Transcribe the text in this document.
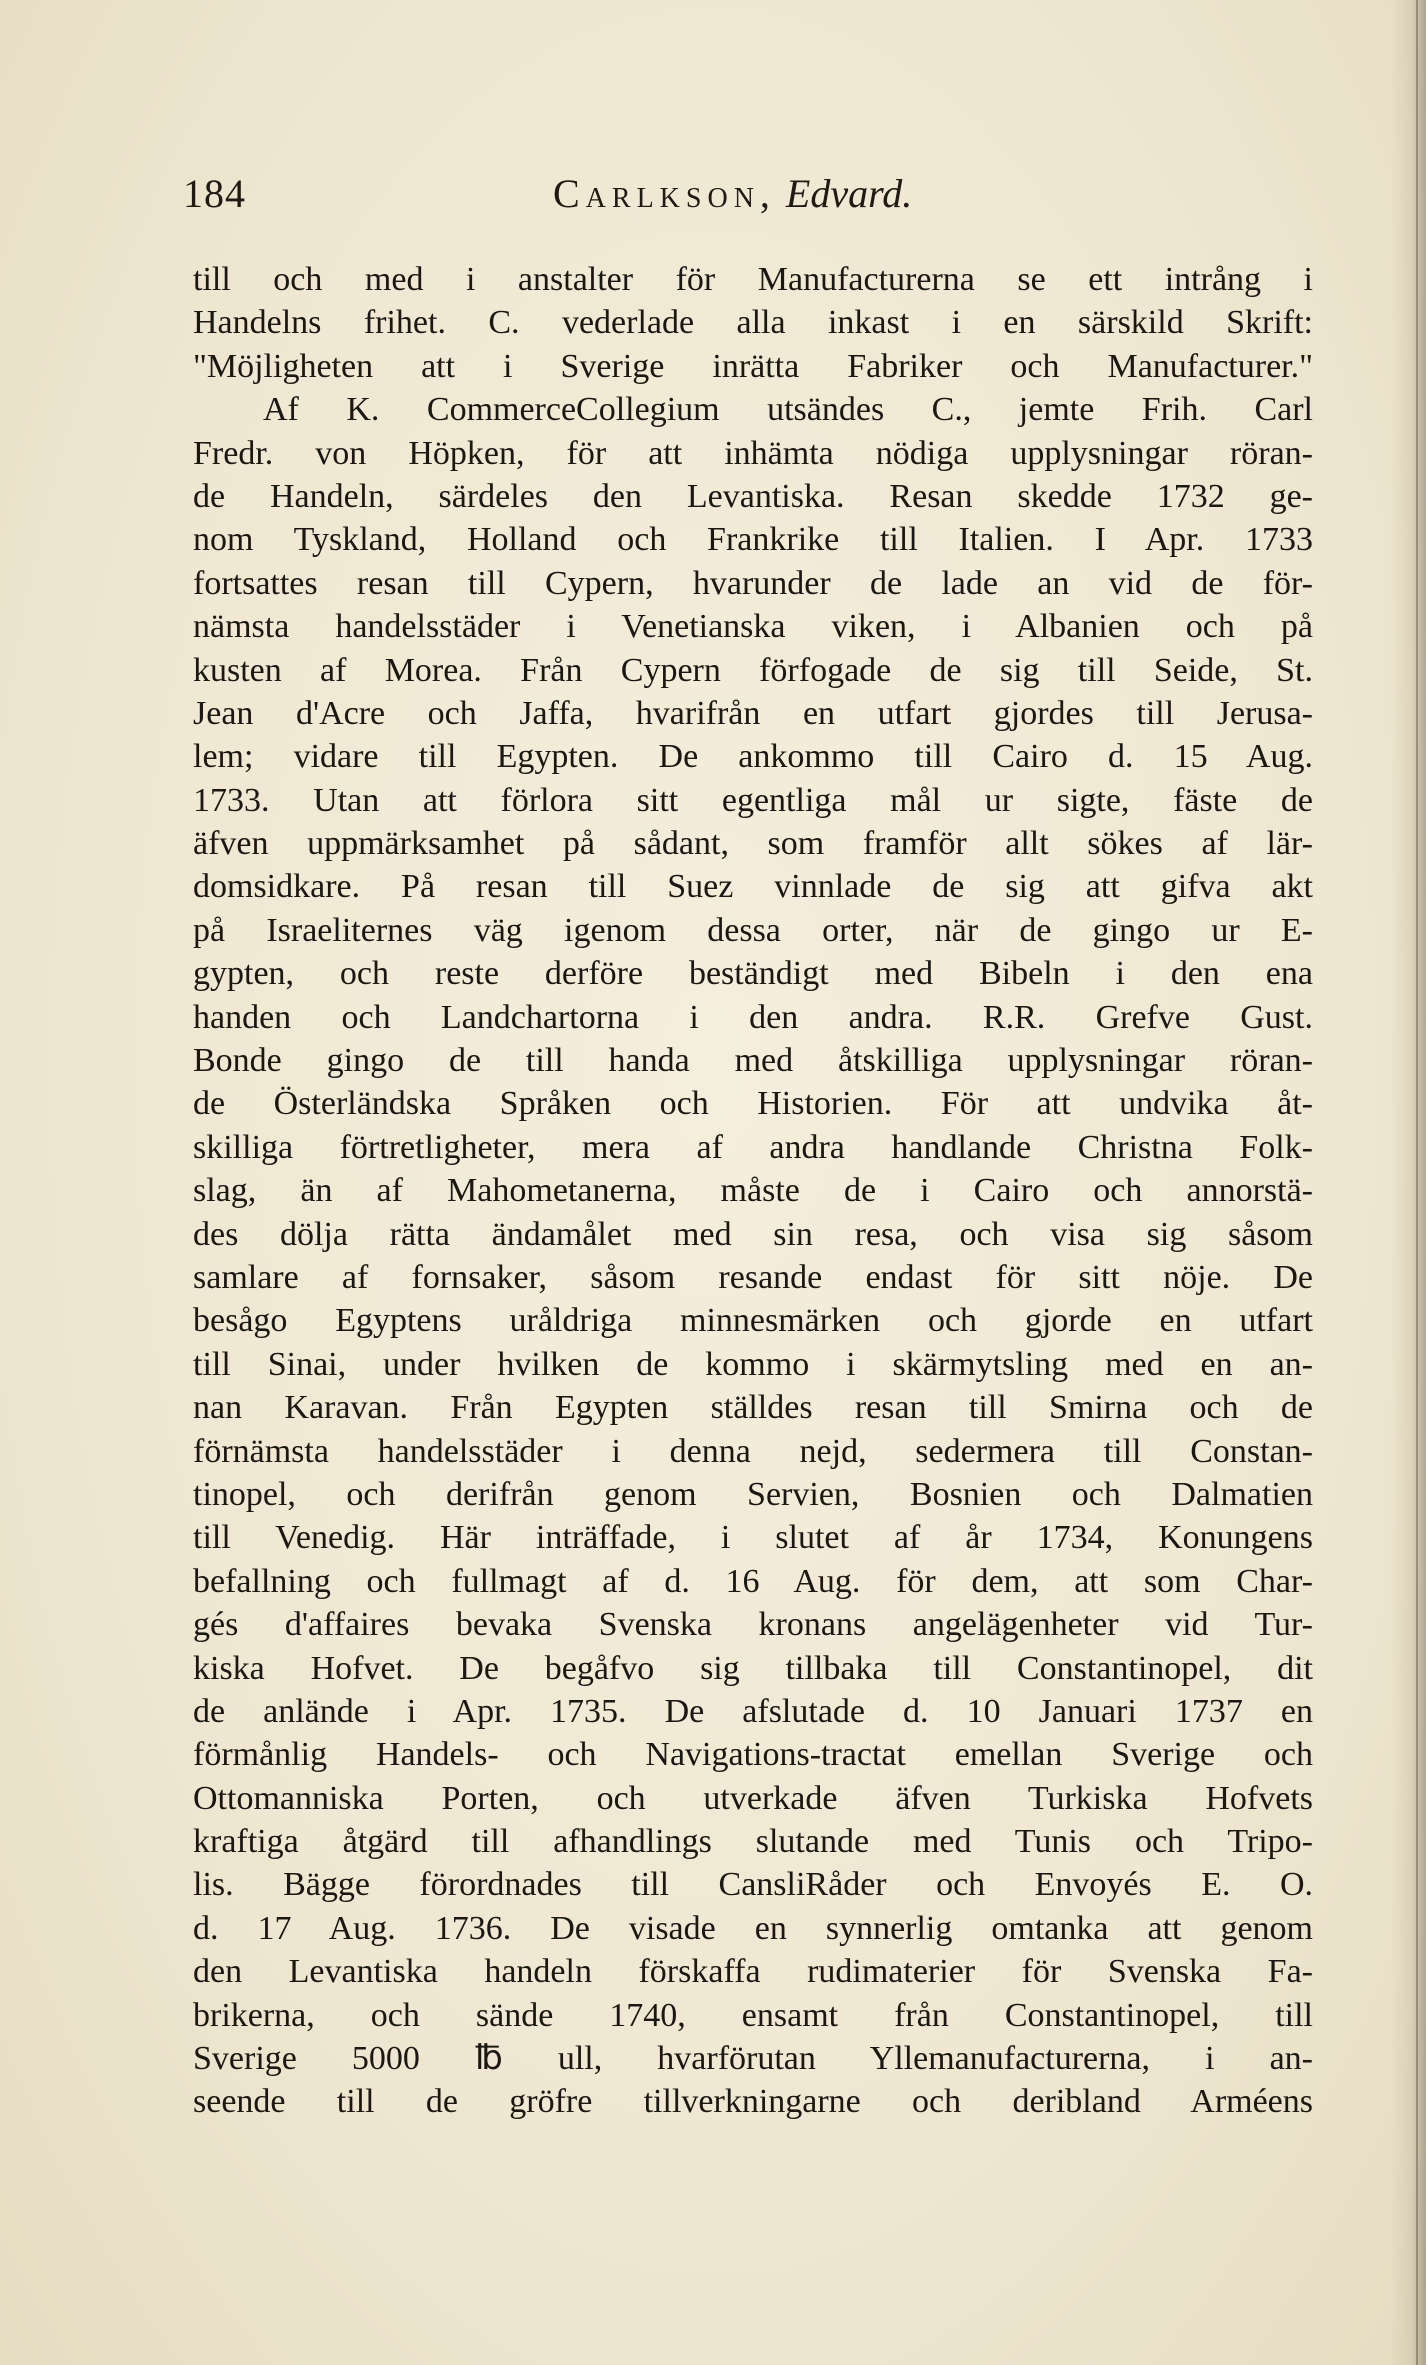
184	Carlkson, Edvard.
till och med i anstalter för Manufacturerna se ett intrång i
Handelns frihet. C. vederlade alla inkast i en särskild Skrift:
"Möjligheten att i Sverige inrätta Fabriker och Manufacturer."
Af K. CommerceCollegium utsändes C., jemte Frih. Carl
Fredr. von Höpken, för att inhämta nödiga upplysningar röran-
de Handeln, särdeles den Levantiska. Resan skedde 1732 ge-
nom Tyskland, Holland och Frankrike till Italien. I Apr. 1733
fortsattes resan till Cypern, hvarunder de lade an vid de för-
nämsta handelsstäder i Venetianska viken, i Albanien och på
kusten af Morea. Från Cypern förfogade de sig till Seide, St.
Jean d'Acre och Jaffa, hvarifrån en utfart gjordes till Jerusa-
lem; vidare till Egypten. De ankommo till Cairo d. 15 Aug.
1733. Utan att förlora sitt egentliga mål ur sigte, fäste de
äfven uppmärksamhet på sådant, som framför allt sökes af lär-
domsidkare. På resan till Suez vinnlade de sig att gifva akt
på Israeliternes väg igenom dessa orter, när de gingo ur E-
gypten, och reste derföre beständigt med Bibeln i den ena
handen och Landchartorna i den andra. R.R. Grefve Gust.
Bonde gingo de till handa med åtskilliga upplysningar röran-
de Österländska Språken och Historien. För att undvika åt-
skilliga förtretligheter, mera af andra handlande Christna Folk-
slag, än af Mahometanerna, måste de i Cairo och annorstä-
des dölja rätta ändamålet med sin resa, och visa sig såsom
samlare af fornsaker, såsom resande endast för sitt nöje. De
besågo Egyptens uråldriga minnesmärken och gjorde en utfart
till Sinai, under hvilken de kommo i skärmytsling med en an-
nan Karavan. Från Egypten ställdes resan till Smirna och de
förnämsta handelsstäder i denna nejd, sedermera till Constan-
tinopel, och derifrån genom Servien, Bosnien och Dalmatien
till Venedig. Här inträffade, i slutet af år 1734, Konungens
befallning och fullmagt af d. 16 Aug. för dem, att som Char-
gés d'affaires bevaka Svenska kronans angelägenheter vid Tur-
kiska Hofvet. De begåfvo sig tillbaka till Constantinopel, dit
de anlände i Apr. 1735. De afslutade d. 10 Januari 1737 en
förmånlig Handels- och Navigations-tractat emellan Sverige och
Ottomanniska Porten, och utverkade äfven Turkiska Hofvets
kraftiga åtgärd till afhandlings slutande med Tunis och Tripo-
lis. Bägge förordnades till CansliRåder och Envoyés E. O.
d. 17 Aug. 1736. De visade en synnerlig omtanka att genom
den Levantiska handeln förskaffa rudimaterier för Svenska Fa-
brikerna, och sände 1740, ensamt från Constantinopel, till
Sverige 5000 ℔ ull, hvarförutan Yllemanufacturerna, i an-
seende till de gröfre tillverkningarne och deribland Arméens
